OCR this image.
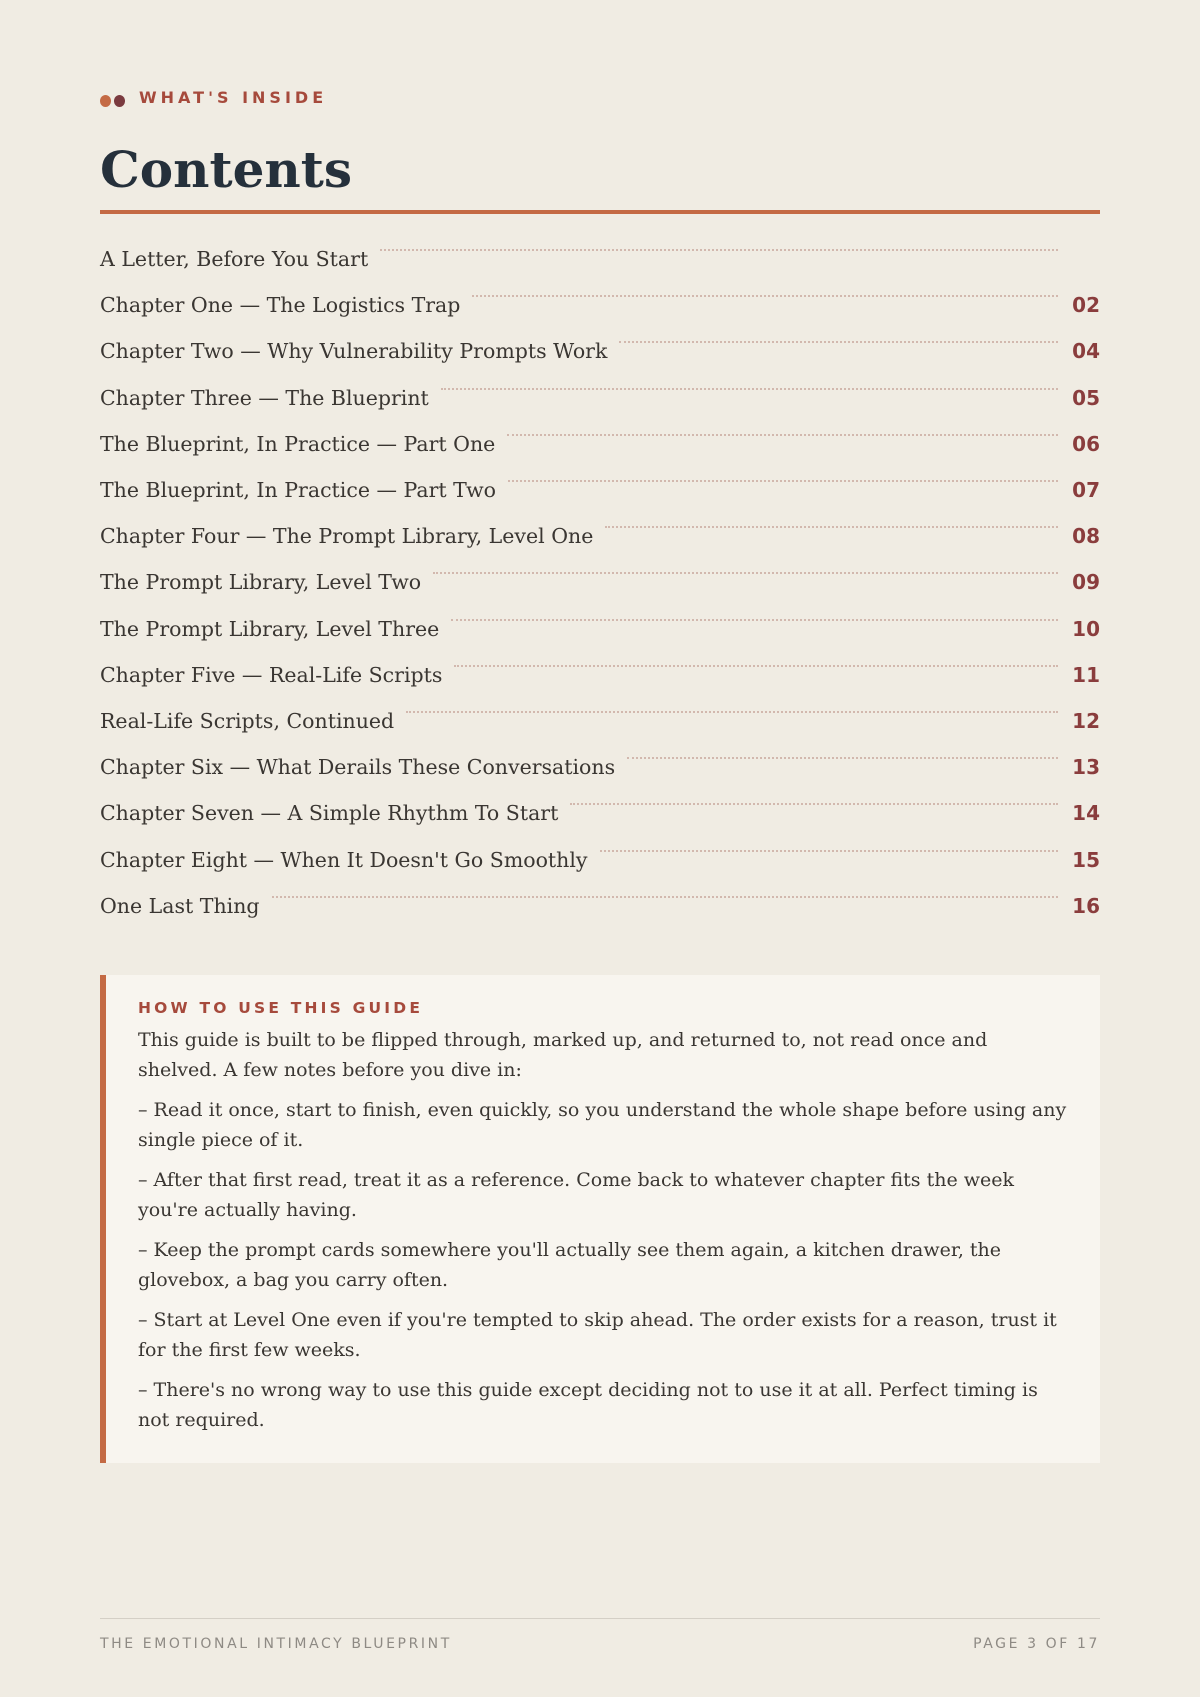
WHAT'S INSIDE
Contents
A Letter, Before You Start
Chapter One — The Logistics Trap	02
Chapter Two — Why Vulnerability Prompts Work	04
Chapter Three — The Blueprint	05
The Blueprint, In Practice — Part One	06
The Blueprint, In Practice — Part Two	07
Chapter Four — The Prompt Library, Level One	08
The Prompt Library, Level Two	09
The Prompt Library, Level Three	10
Chapter Five — Real-Life Scripts	11
Real-Life Scripts, Continued	12
Chapter Six — What Derails These Conversations	13
Chapter Seven — A Simple Rhythm To Start	14
Chapter Eight — When It Doesn't Go Smoothly	15
One Last Thing	16
HOW TO USE THIS GUIDE

This guide is built to be flipped through, marked up, and returned to, not read once and shelved. A few notes before you dive in:

– Read it once, start to finish, even quickly, so you understand the whole shape before using any single piece of it.
– After that first read, treat it as a reference. Come back to whatever chapter fits the week you're actually having.
– Keep the prompt cards somewhere you'll actually see them again, a kitchen drawer, the glovebox, a bag you carry often.
– Start at Level One even if you're tempted to skip ahead. The order exists for a reason, trust it for the first few weeks.
– There's no wrong way to use this guide except deciding not to use it at all. Perfect timing is not required.
THE EMOTIONAL INTIMACY BLUEPRINT	PAGE 3 OF 17
